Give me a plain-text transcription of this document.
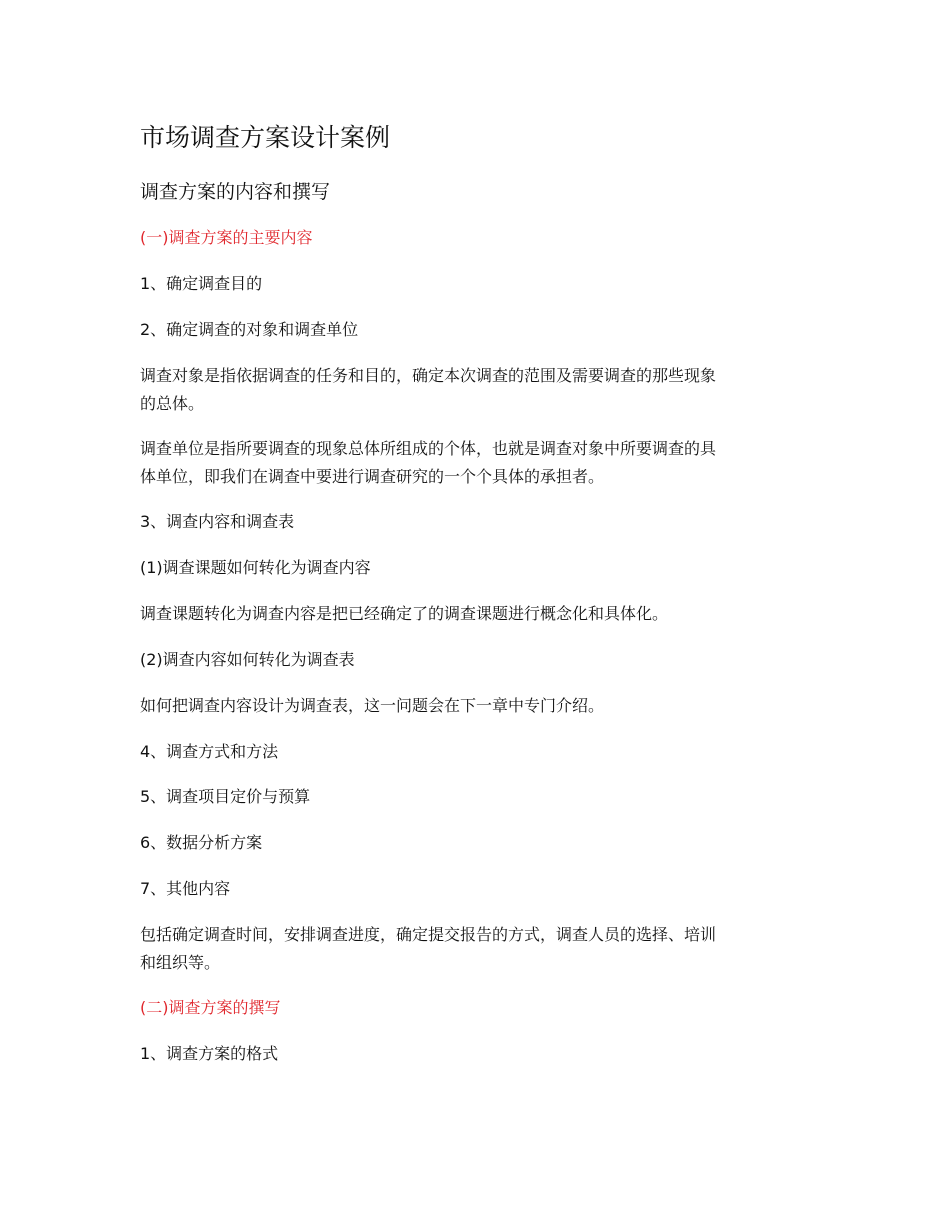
市场调查方案设计案例
调查方案的内容和撰写
(一)调查方案的主要内容
1、确定调查目的
2、确定调查的对象和调查单位
调查对象是指依据调查的任务和目的，确定本次调查的范围及需要调查的那些现象
的总体。
调查单位是指所要调查的现象总体所组成的个体，也就是调查对象中所要调查的具
体单位，即我们在调查中要进行调查研究的一个个具体的承担者。
3、调查内容和调查表
(1)调查课题如何转化为调查内容
调查课题转化为调查内容是把已经确定了的调查课题进行概念化和具体化。
(2)调查内容如何转化为调查表
如何把调查内容设计为调查表，这一问题会在下一章中专门介绍。
4、调查方式和方法
5、调查项目定价与预算
6、数据分析方案
7、其他内容
包括确定调查时间，安排调查进度，确定提交报告的方式，调查人员的选择、培训
和组织等。
(二)调查方案的撰写
1、调查方案的格式
